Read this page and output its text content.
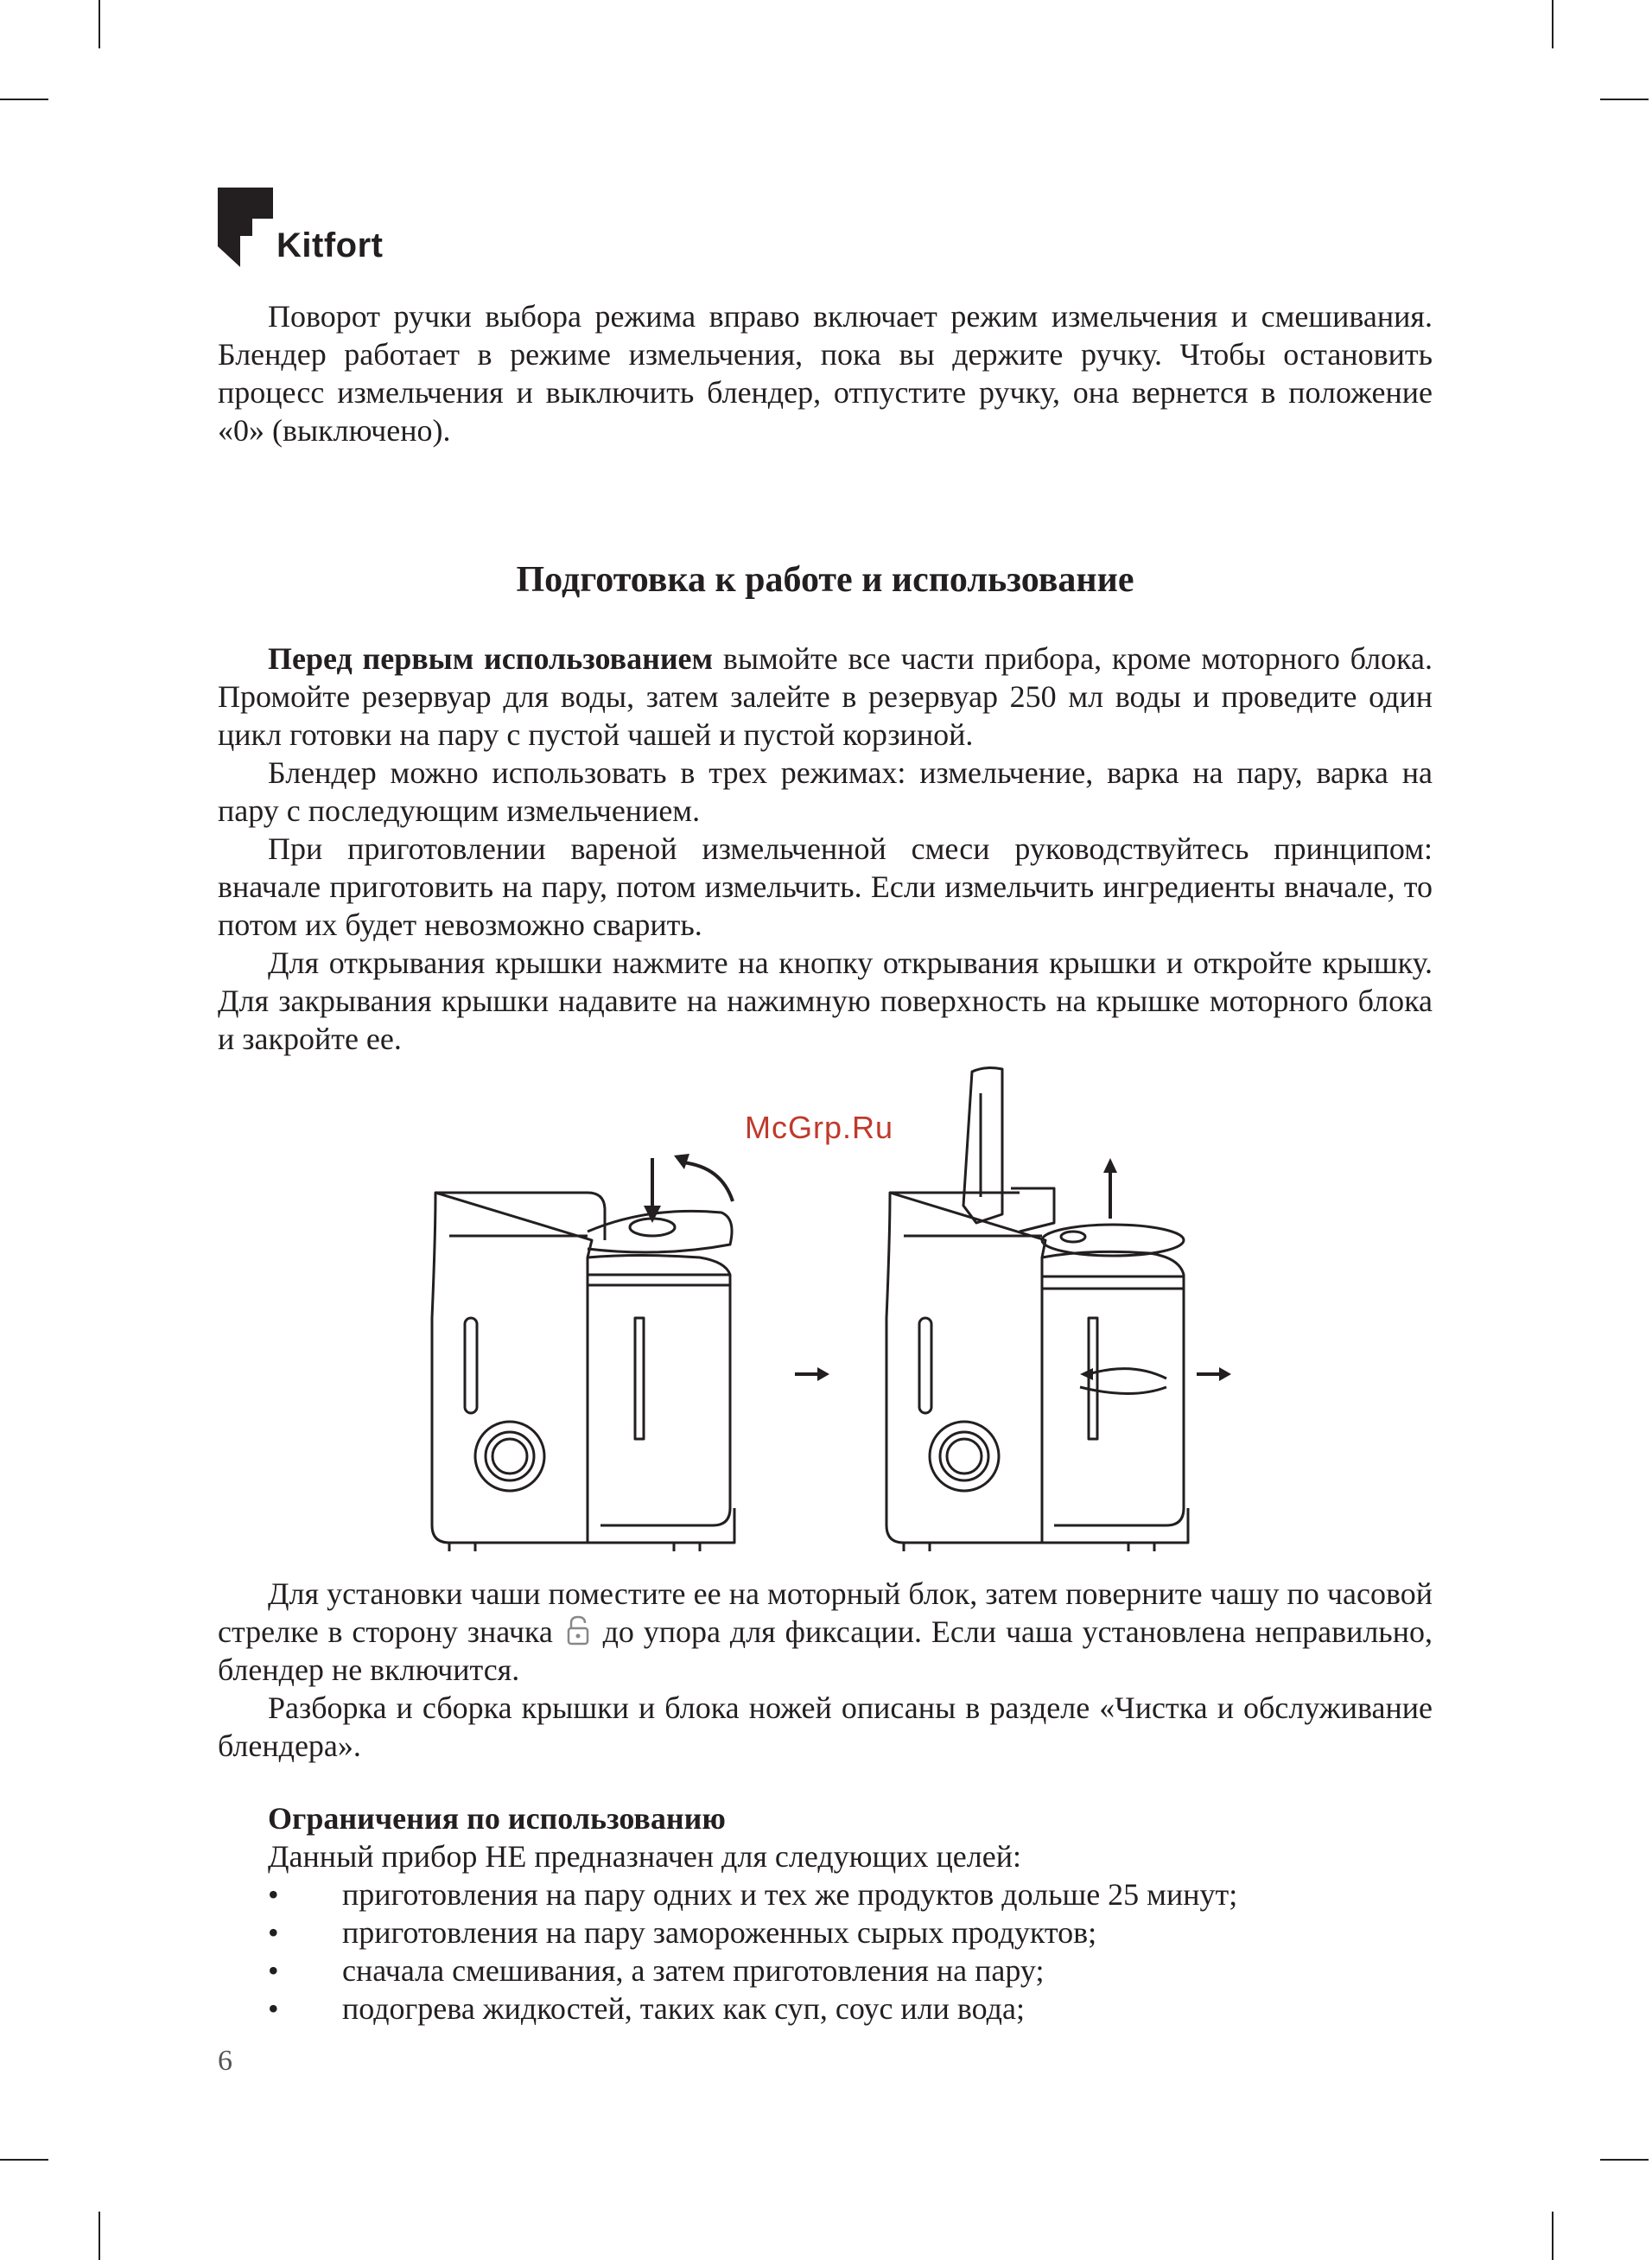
Kitfort

Поворот ручки выбора режима вправо включает режим измельчения и смешивания. Блендер работает в режиме измельчения, пока вы держите ручку. Чтобы остановить процесс измельчения и выключить блендер, отпустите ручку, она вернется в положение «0» (выключено).

Подготовка к работе и использование

Перед первым использованием вымойте все части прибора, кроме моторного блока. Промойте резервуар для воды, затем залейте в резервуар 250 мл воды и проведите один цикл готовки на пару с пустой чашей и пустой корзиной.

Блендер можно использовать в трех режимах: измельчение, варка на пару, варка на пару с последующим измельчением.

При приготовлении вареной измельченной смеси руководствуйтесь принципом: вначале приготовить на пару, потом измельчить. Если измельчить ингредиенты вначале, то потом их будет невозможно сварить.

Для открывания крышки нажмите на кнопку открывания крышки и откройте крышку. Для закрывания крышки надавите на нажимную поверхность на крышке моторного блока и закройте ее.

McGrp.Ru

Для установки чаши поместите ее на моторный блок, затем поверните чашу по часовой стрелке в сторону значка до упора для фиксации. Если чаша установлена неправильно, блендер не включится.

Разборка и сборка крышки и блока ножей описаны в разделе «Чистка и обслуживание блендера».

Ограничения по использованию

Данный прибор НЕ предназначен для следующих целей:

• приготовления на пару одних и тех же продуктов дольше 25 минут;
• приготовления на пару замороженных сырых продуктов;
• сначала смешивания, а затем приготовления на пару;
• подогрева жидкостей, таких как суп, соус или вода;
6
